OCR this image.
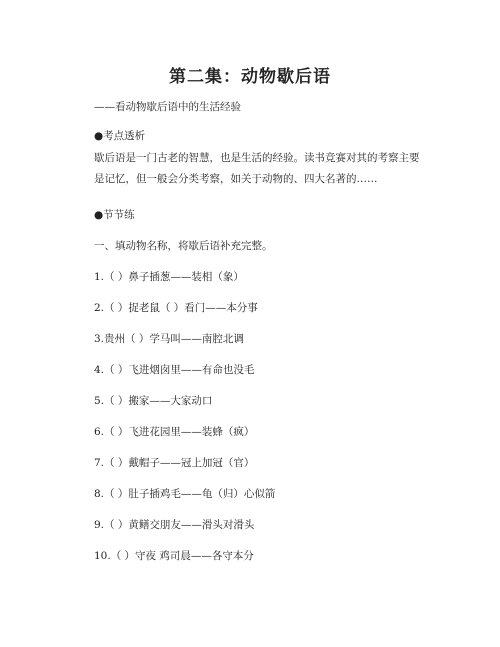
第二集：动物歇后语
——看动物歇后语中的生活经验
●考点透析
歇后语是一门古老的智慧，也是生活的经验。读书竞赛对其的考察主要是记忆，但一般会分类考察，如关于动物的、四大名著的……
●节节练
一、填动物名称，将歇后语补充完整。
1.（ ）鼻子插葱——装相（象）
2.（ ）捉老鼠（ ）看门——本分事
3.贵州（ ）学马叫——南腔北调
4.（ ）飞进烟囱里——有命也没毛
5.（ ）搬家——大家动口
6.（ ）飞进花园里——装蜂（疯）
7.（ ）戴帽子——冠上加冠（官）
8.（ ）肚子插鸡毛——龟（归）心似箭
9.（ ）黄鳝交朋友——滑头对滑头
10.（ ）守夜 鸡司晨——各守本分
